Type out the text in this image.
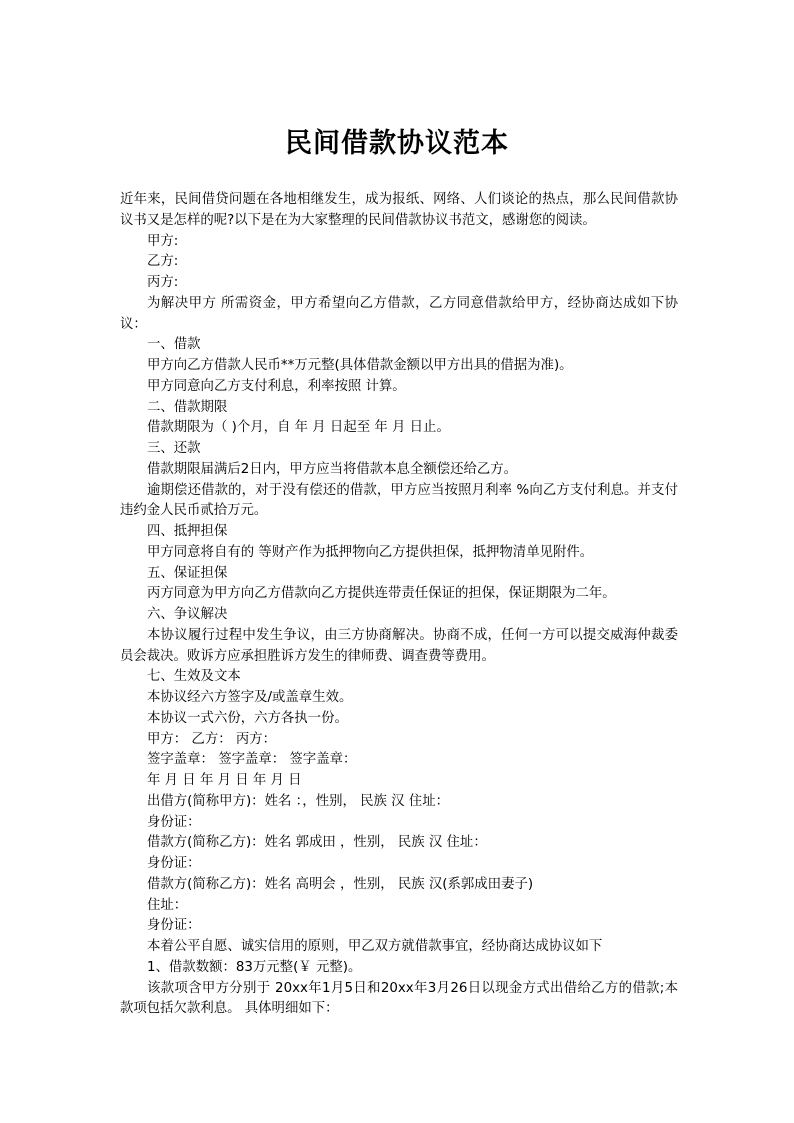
民间借款协议范本

近年来，民间借贷问题在各地相继发生，成为报纸、网络、人们谈论的热点，那么民间借款协议书又是怎样的呢?以下是在为大家整理的民间借款协议书范文，感谢您的阅读。

甲方:

乙方:

丙方:

为解决甲方 所需资金，甲方希望向乙方借款，乙方同意借款给甲方，经协商达成如下协议：

一、借款

甲方向乙方借款人民币**万元整(具体借款金额以甲方出具的借据为准)。

甲方同意向乙方支付利息，利率按照 计算。

二、借款期限

借款期限为（ )个月，自 年 月 日起至 年 月 日止。

三、还款

借款期限届满后2日内，甲方应当将借款本息全额偿还给乙方。

逾期偿还借款的，对于没有偿还的借款，甲方应当按照月利率 %向乙方支付利息。并支付违约金人民币贰拾万元。

四、抵押担保

甲方同意将自有的 等财产作为抵押物向乙方提供担保，抵押物清单见附件。

五、保证担保

丙方同意为甲方向乙方借款向乙方提供连带责任保证的担保，保证期限为二年。

六、争议解决

本协议履行过程中发生争议，由三方协商解决。协商不成，任何一方可以提交威海仲裁委员会裁决。败诉方应承担胜诉方发生的律师费、调查费等费用。

七、生效及文本

本协议经六方签字及/或盖章生效。

本协议一式六份，六方各执一份。

甲方： 乙方： 丙方：

签字盖章： 签字盖章： 签字盖章：

年 月 日 年 月 日 年 月 日

出借方(简称甲方)：姓名 ：，性别， 民族 汉 住址：

身份证：

借款方(简称乙方)：姓名 郭成田 ，性别， 民族 汉 住址：

身份证：

借款方(简称乙方)：姓名 高明会 ，性别， 民族 汉(系郭成田妻子)

住址：

身份证：

本着公平自愿、诚实信用的原则，甲乙双方就借款事宜，经协商达成协议如下

1、借款数额：83万元整(￥ 元整)。

该款项含甲方分别于 20xx年1月5日和20xx年3月26日以现金方式出借给乙方的借款;本款项包括欠款利息。 具体明细如下：
